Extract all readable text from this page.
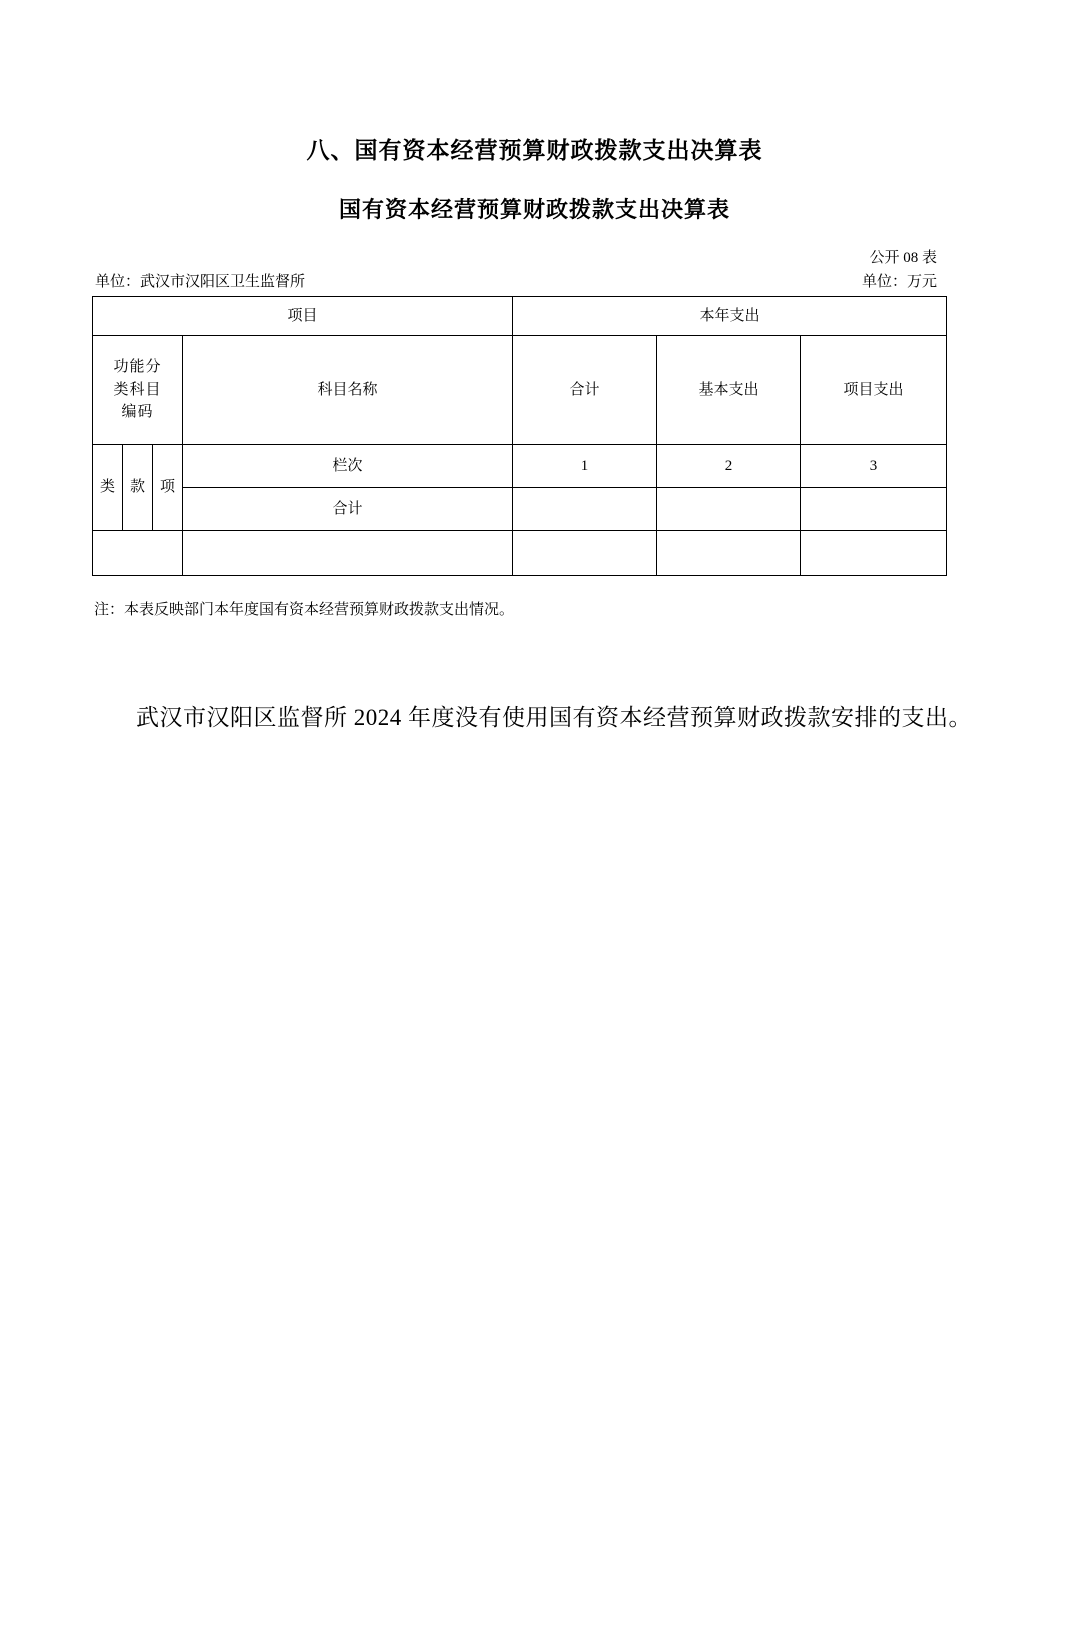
八、国有资本经营预算财政拨款支出决算表
国有资本经营预算财政拨款支出决算表
公开 08 表
单位：武汉市汉阳区卫生监督所	单位：万元
项目				本年支出		

功能分
类科目
编码			科目名称	合计	基本支出	项目支出
类	款	项	栏次	1	2	3
			合计			

注：本表反映部门本年度国有资本经营预算财政拨款支出情况。
武汉市汉阳区监督所 2024 年度没有使用国有资本经营预算财政拨款安排的支出。
